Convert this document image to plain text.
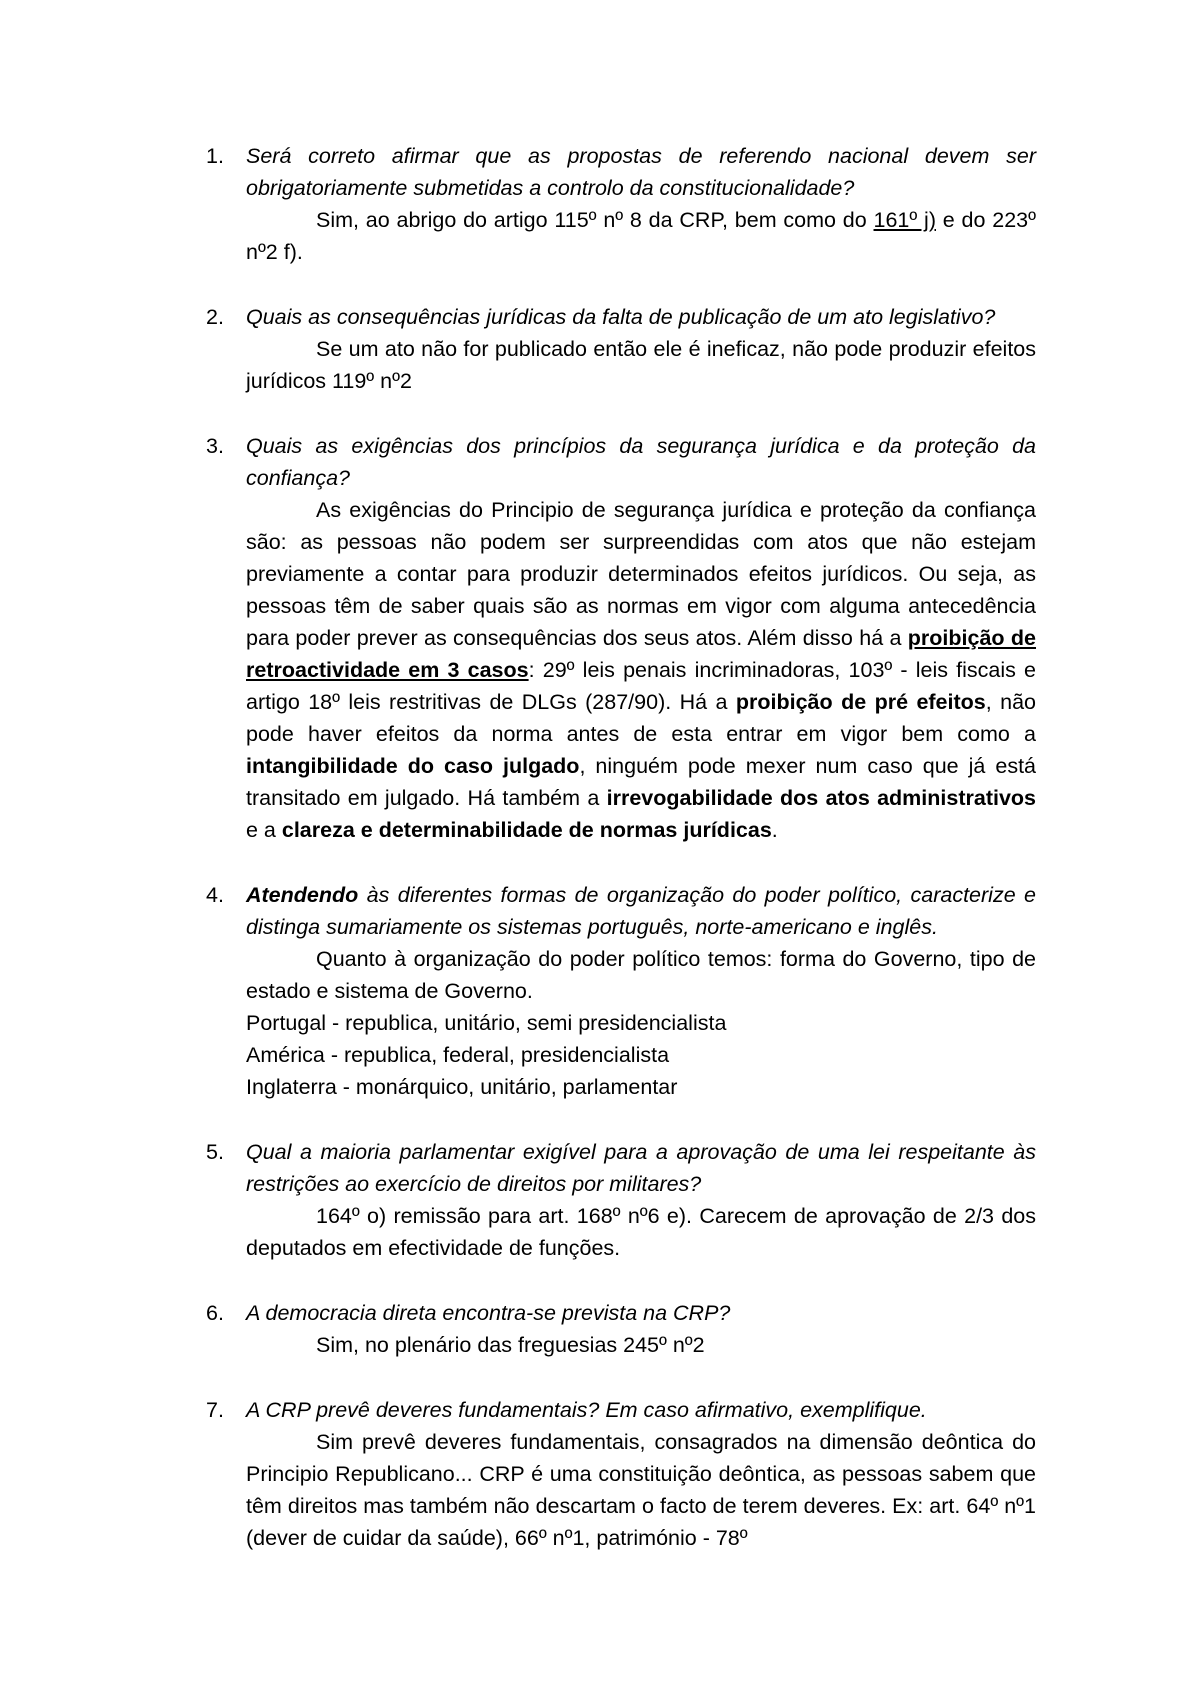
1. Será correto afirmar que as propostas de referendo nacional devem ser obrigatoriamente submetidas a controlo da constitucionalidade?

Sim, ao abrigo do artigo 115º nº 8 da CRP, bem como do 161º j) e do 223º nº2 f).

2. Quais as consequências jurídicas da falta de publicação de um ato legislativo?

Se um ato não for publicado então ele é ineficaz, não pode produzir efeitos jurídicos 119º nº2

3. Quais as exigências dos princípios da segurança jurídica e da proteção da confiança?

As exigências do Principio de segurança jurídica e proteção da confiança são: as pessoas não podem ser surpreendidas com atos que não estejam previamente a contar para produzir determinados efeitos jurídicos. Ou seja, as pessoas têm de saber quais são as normas em vigor com alguma antecedência para poder prever as consequências dos seus atos. Além disso há a proibição de retroactividade em 3 casos: 29º leis penais incriminadoras, 103º - leis fiscais e artigo 18º leis restritivas de DLGs (287/90). Há a proibição de pré efeitos, não pode haver efeitos da norma antes de esta entrar em vigor bem como a intangibilidade do caso julgado, ninguém pode mexer num caso que já está transitado em julgado. Há também a irrevogabilidade dos atos administrativos e a clareza e determinabilidade de normas jurídicas.

4. Atendendo às diferentes formas de organização do poder político, caracterize e distinga sumariamente os sistemas português, norte-americano e inglês.

Quanto à organização do poder político temos: forma do Governo, tipo de estado e sistema de Governo.

Portugal - republica, unitário, semi presidencialista

América - republica, federal, presidencialista

Inglaterra - monárquico, unitário, parlamentar

5. Qual a maioria parlamentar exigível para a aprovação de uma lei respeitante às restrições ao exercício de direitos por militares?

164º o) remissão para art. 168º nº6 e). Carecem de aprovação de 2/3 dos deputados em efectividade de funções.

6. A democracia direta encontra-se prevista na CRP?

Sim, no plenário das freguesias 245º nº2

7. A CRP prevê deveres fundamentais? Em caso afirmativo, exemplifique.

Sim prevê deveres fundamentais, consagrados na dimensão deôntica do Principio Republicano... CRP é uma constituição deôntica, as pessoas sabem que têm direitos mas também não descartam o facto de terem deveres. Ex: art. 64º nº1 (dever de cuidar da saúde), 66º nº1, património - 78º
